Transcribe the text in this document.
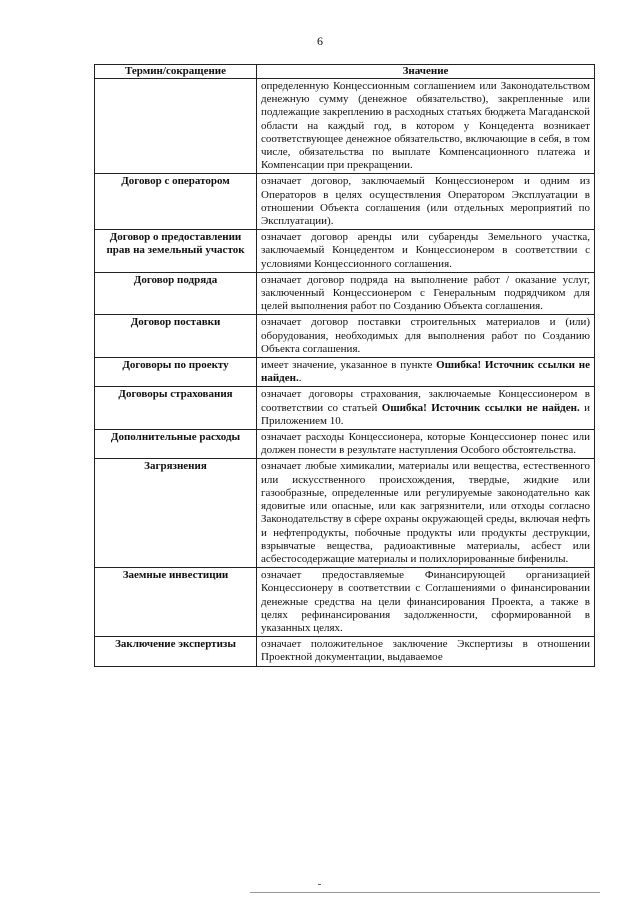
6
Термин/сокращение	Значение
	определенную Концессионным соглашением или Законодательством денежную сумму (денежное обязательство), закрепленные или подлежащие закреплению в расходных статьях бюджета Магаданской области на каждый год, в котором у Концедента возникает соответствующее денежное обязательство, включающие в себя, в том числе, обязательства по выплате Компенсационного платежа и Компенсации при прекращении.
Договор с оператором	означает договор, заключаемый Концессионером и одним из Операторов в целях осуществления Оператором Эксплуатации в отношении Объекта соглашения (или отдельных мероприятий по Эксплуатации).
Договор о предоставлении прав на земельный участок	означает договор аренды или субаренды Земельного участка, заключаемый Концедентом и Концессионером в соответствии с условиями Концессионного соглашения.
Договор подряда	означает договор подряда на выполнение работ / оказание услуг, заключенный Концессионером с Генеральным подрядчиком для целей выполнения работ по Созданию Объекта соглашения.
Договор поставки	означает договор поставки строительных материалов и (или) оборудования, необходимых для выполнения работ по Созданию Объекта соглашения.
Договоры по проекту	имеет значение, указанное в пункте Ошибка! Источник ссылки не найден..
Договоры страхования	означает договоры страхования, заключаемые Концессионером в соответствии со статьей Ошибка! Источник ссылки не найден. и Приложением 10.
Дополнительные расходы	означает расходы Концессионера, которые Концессионер понес или должен понести в результате наступления Особого обстоятельства.
Загрязнения	означает любые химикалии, материалы или вещества, естественного или искусственного происхождения, твердые, жидкие или газообразные, определенные или регулируемые законодательно как ядовитые или опасные, или как загрязнители, или отходы согласно Законодательству в сфере охраны окружающей среды, включая нефть и нефтепродукты, побочные продукты или продукты деструкции, взрывчатые вещества, радиоактивные материалы, асбест или асбестосодержащие материалы и полихлорированные бифенилы.
Заемные инвестиции	означает предоставляемые Финансирующей организацией Концессионеру в соответствии с Соглашениями о финансировании денежные средства на цели финансирования Проекта, а также в целях рефинансирования задолженности, сформированной в указанных целях.
Заключение экспертизы	означает положительное заключение Экспертизы в отношении Проектной документации, выдаваемое
